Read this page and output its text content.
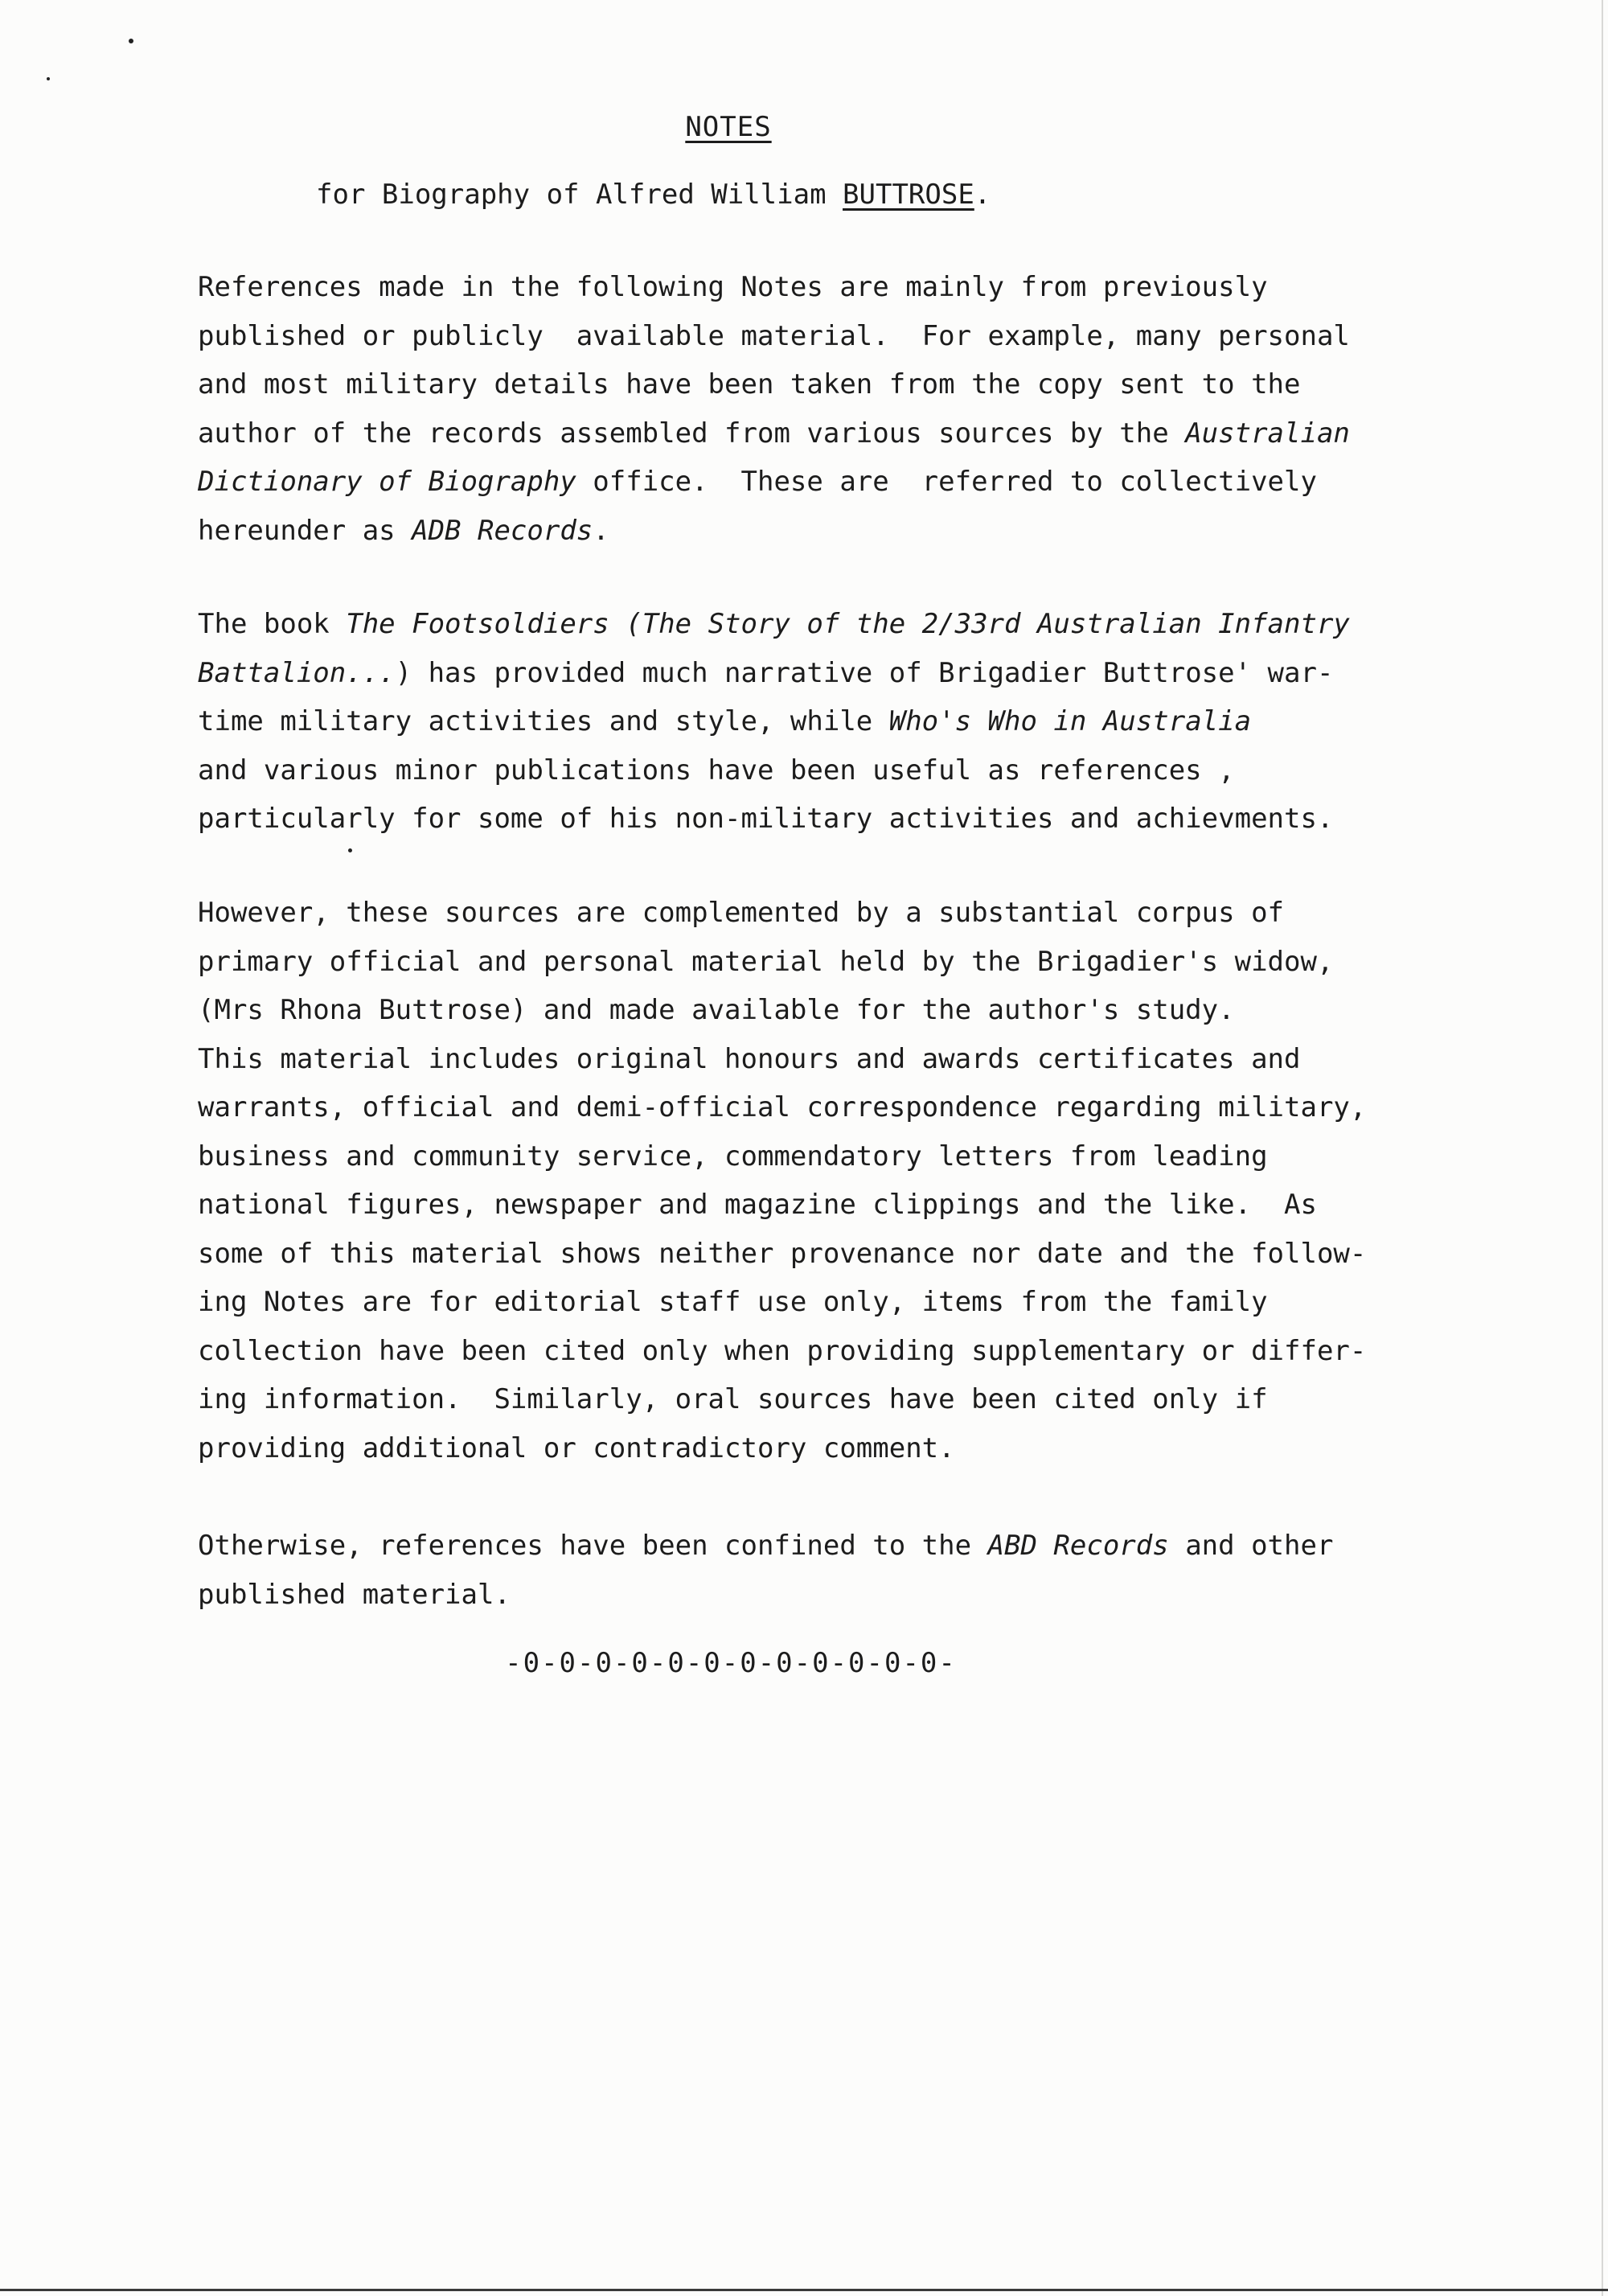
NOTES
for Biography of Alfred William BUTTROSE.
References made in the following Notes are mainly from previously
published or publicly  available material.  For example, many personal
and most military details have been taken from the copy sent to the
author of the records assembled from various sources by the Australian
Dictionary of Biography office.  These are  referred to collectively
hereunder as ADB Records.
The book The Footsoldiers (The Story of the 2/33rd Australian Infantry
Battalion...) has provided much narrative of Brigadier Buttrose' war-
time military activities and style, while Who's Who in Australia
and various minor publications have been useful as references ,
particularly for some of his non-military activities and achievments.
However, these sources are complemented by a substantial corpus of
primary official and personal material held by the Brigadier's widow,
(Mrs Rhona Buttrose) and made available for the author's study.
This material includes original honours and awards certificates and
warrants, official and demi-official correspondence regarding military,
business and community service, commendatory letters from leading
national figures, newspaper and magazine clippings and the like.  As
some of this material shows neither provenance nor date and the follow-
ing Notes are for editorial staff use only, items from the family
collection have been cited only when providing supplementary or differ-
ing information.  Similarly, oral sources have been cited only if
providing additional or contradictory comment.
Otherwise, references have been confined to the ABD Records and other
published material.
-0-0-0-0-0-0-0-0-0-0-0-0-
